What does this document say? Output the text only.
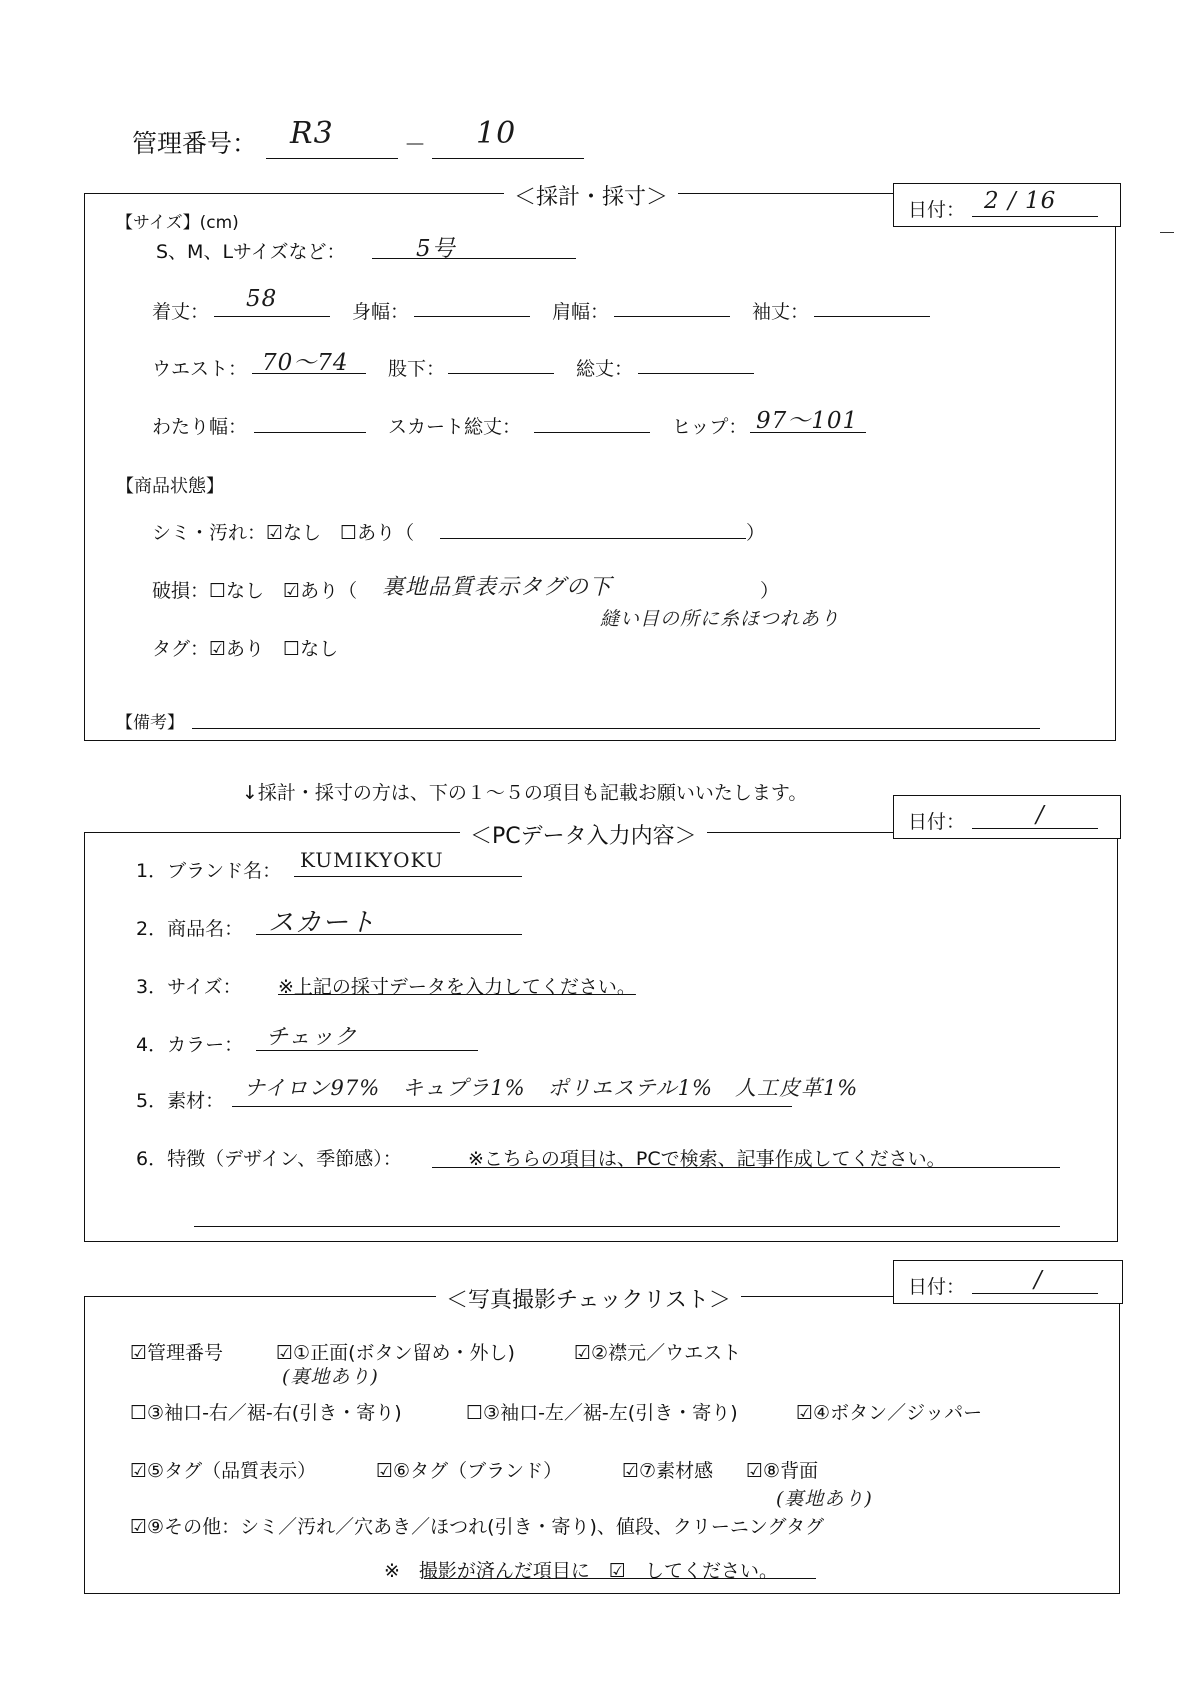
管理番号： R3	－ 10
＜採計・採寸＞	日付： 2 / 16
【サイズ】(cm)
S、M、Lサイズなど：	5号
着丈： 58	身幅：	肩幅：	袖丈：
ウエスト： 70～74 股下：	総丈：
わたり幅：	スカート総丈：	ヒップ： 97～101
【商品状態】
シミ・汚れ：☑なし　☐あり（	）
破損：☐なし　☑あり（ 裏地品質表示タグの下	）
縫い目の所に糸ほつれあり
タグ：☑あり　☐なし
【備考】
↓採計・採寸の方は、下の１～５の項目も記載お願いいたします。
＜PCデータ入力内容＞
日付：	/
1．ブランド名： KUMIKYOKU
2．商品名： スカート
3．サイズ： ※上記の採寸データを入力してください。
4．カラー： チェック
5．素材：
ナイロン97%　キュプラ1%　ポリエステル1%　人工皮革1%
6．特徴（デザイン、季節感）：	※こちらの項目は、PCで検索、記事作成してください。
＜写真撮影チェックリスト＞
日付：	/
☑管理番号	☑①正面(ボタン留め・外し)
(裏地あり)
☑②襟元／ウエスト
☐③袖口-右／裾-右(引き・寄り)	☐③袖口-左／裾-左(引き・寄り)	☑④ボタン／ジッパー
☑⑤タグ（品質表示）	☑⑥タグ（ブランド）	☑⑦素材感 ☑⑧背面
(裏地あり)
☑⑨その他：シミ／汚れ／穴あき／ほつれ(引き・寄り)、値段、クリーニングタグ
※　撮影が済んだ項目に　☑　してください。
